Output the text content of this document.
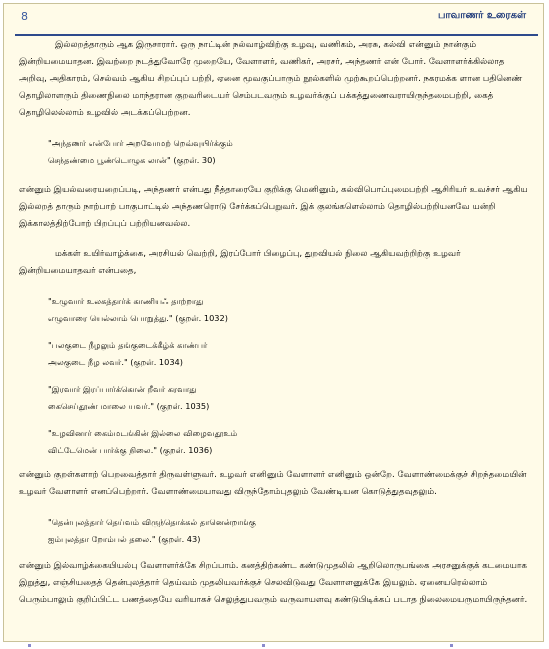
8	பாவாணர் உரைகள்

இல்லறத்தாரும் ஆக இருசாரார். ஒரு நாட்டின் நல்வாழ்விற்கு உழவு, வணிகம், அரசு, கல்வி என்னும் நான்கும் இன்றியமையாதன. இவற்றை நடத்துவோரே முறையே, வேளாளர், வணிகர், அரசர், அந்தணர் என் போர். வேளாளர்க்கில்லாத அறிவு, அதிகாரம், செல்வம் ஆகிய சிறப்புப் பற்றி, ஏனை மூவகுப்பாரும் நூல்களில் முற்கூறப்பெற்றனர். நகரமக்க ளான பதினெண் தொழிலாளரும் திணைநிலை மாந்தரான குறவரிடையர் செம்படவரும் உழவர்க்குப் பக்கத்துணைவராயிருந்தமைபற்றி, கைத் தொழிலெல்லாம் உழவில் அடக்கப்பெற்றன.

"அந்தணர் என்போர் அறவோமற் றெவ்வுயிர்க்கும்
செந்தண்மை பூண்டொழுக லான்" (குறள். 30)

என்னும் இயல்வரையறைப்படி, அந்தணர் என்பது நீத்தாரையே குறிக்கு மெனினும், கல்விபொப்புமைபற்றி ஆசிரியர் உவச்சர் ஆகிய இல்லறத் தாரும் நாற்பாற் பாகுபாட்டில் அந்தணரொடு சேர்க்கப்பெறுவர். இக் குலங்களெல்லாம் தொழில்பற்றியனவே யன்றி இக்காலத்திற்போற் பிறப்புப் பற்றியனவல்ல.

மக்கள் உயிர்வாழ்க்கை, அரசியல் வெற்றி, இரப்போர் பிழைப்பு, துறவியல் நிலை ஆகியவற்றிற்கு உழவர் இன்றியமையாதவர் என்பதை,

"உழுவார் உலகத்தார்க் காணியஃ தாற்றாது
எழுவாரை யெல்லாம் பொறுத்து." (குறள். 1032)
"பலகுடை நீழலும் தங்குடைக்கீழ்க் காண்பர்
அலகுடை நீழ லவர்." (குறள். 1034)
"இரவார் இரப்பார்க்கொன் றீவர் கரவாது
கைசெய்தூண் மாலை யவர்." (குறள். 1035)
"உழவினார் கைம்மடங்கின் இல்லை விழைவதூஉம்
விட்டேமென் பார்க்கு நிலை." (குறள். 1036)

என்னும் குறள்களாற் பெறவைத்தார் திருவள்ளுவர். உழவர் எனினும் வேளாளர் எனினும் ஒன்றே. வேளாண்மைக்குச் சிறந்தமையின் உழவர் வேளாளர் எனப்பெற்றார். வேளாண்மையாவது விருந்தோம்புதலும் வேண்டியன கொடுத்துதவுதலும்.

"தென்புலத்தார் தெய்வம் விருந்தொக்கல் தானென்றாங்கு
ஐம்புலத்தா றோம்பல் தலை." (குறள். 43)

என்னும் இல்வாழ்க்கையியல்பு வேளாளர்க்கே சிறப்பாம். கனத்திற்கண்ட கண்டுமுதலில் ஆறிலொருபங்கை அரசனுக்குக் கடமையாக இறுத்து, எஞ்சியதைத் தென்புலத்தார் தெய்வம் முதலியவர்க்குச் செலவிடுவது வேளாளனுக்கே இயலும். ஏனையரெல்லாம் பெரும்பாலும் குறிப்பிட்ட பணத்தையே வரியாகச் செலுத்துபவரும் வருவாயளவு கண்டுபிடிக்கப் படாத நிலைமையருமாயிருந்தனர்.
